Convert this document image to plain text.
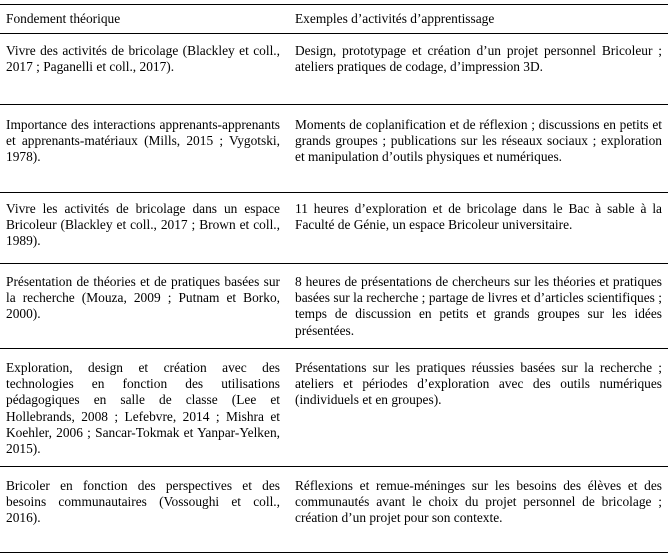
Fondement théorique	Exemples d’activités d’apprentissage
Vivre des activités de bricolage (Blackley et coll., 2017 ; Paganelli et coll., 2017).
Design, prototypage et création d’un projet personnel Bricoleur ; ateliers pratiques de codage, d’impression 3D.
Importance des interactions apprenants-apprenants et apprenants-matériaux (Mills, 2015 ; Vygotski, 1978).
Moments de coplanification et de réflexion ; discussions en petits et grands groupes ; publications sur les réseaux sociaux ; exploration et manipulation d’outils physiques et numériques.
Vivre les activités de bricolage dans un espace Bricoleur (Blackley et coll., 2017 ; Brown et coll., 1989).
11 heures d’exploration et de bricolage dans le Bac à sable à la Faculté de Génie, un espace Bricoleur universitaire.
Présentation de théories et de pratiques basées sur la recherche (Mouza, 2009 ; Putnam et Borko, 2000).
8 heures de présentations de chercheurs sur les théories et pratiques basées sur la recherche ; partage de livres et d’articles scientifiques ; temps de discussion en petits et grands groupes sur les idées présentées.
Exploration, design et création avec des technologies en fonction des utilisations pédagogiques en salle de classe (Lee et Hollebrands, 2008 ; Lefebvre, 2014 ; Mishra et Koehler, 2006 ; Sancar-Tokmak et Yanpar-Yelken, 2015).
Présentations sur les pratiques réussies basées sur la recherche ; ateliers et périodes d’exploration avec des outils numériques (individuels et en groupes).
Bricoler en fonction des perspectives et des besoins communautaires (Vossoughi et coll., 2016).
Réflexions et remue-méninges sur les besoins des élèves et des communautés avant le choix du projet personnel de bricolage ; création d’un projet pour son contexte.
